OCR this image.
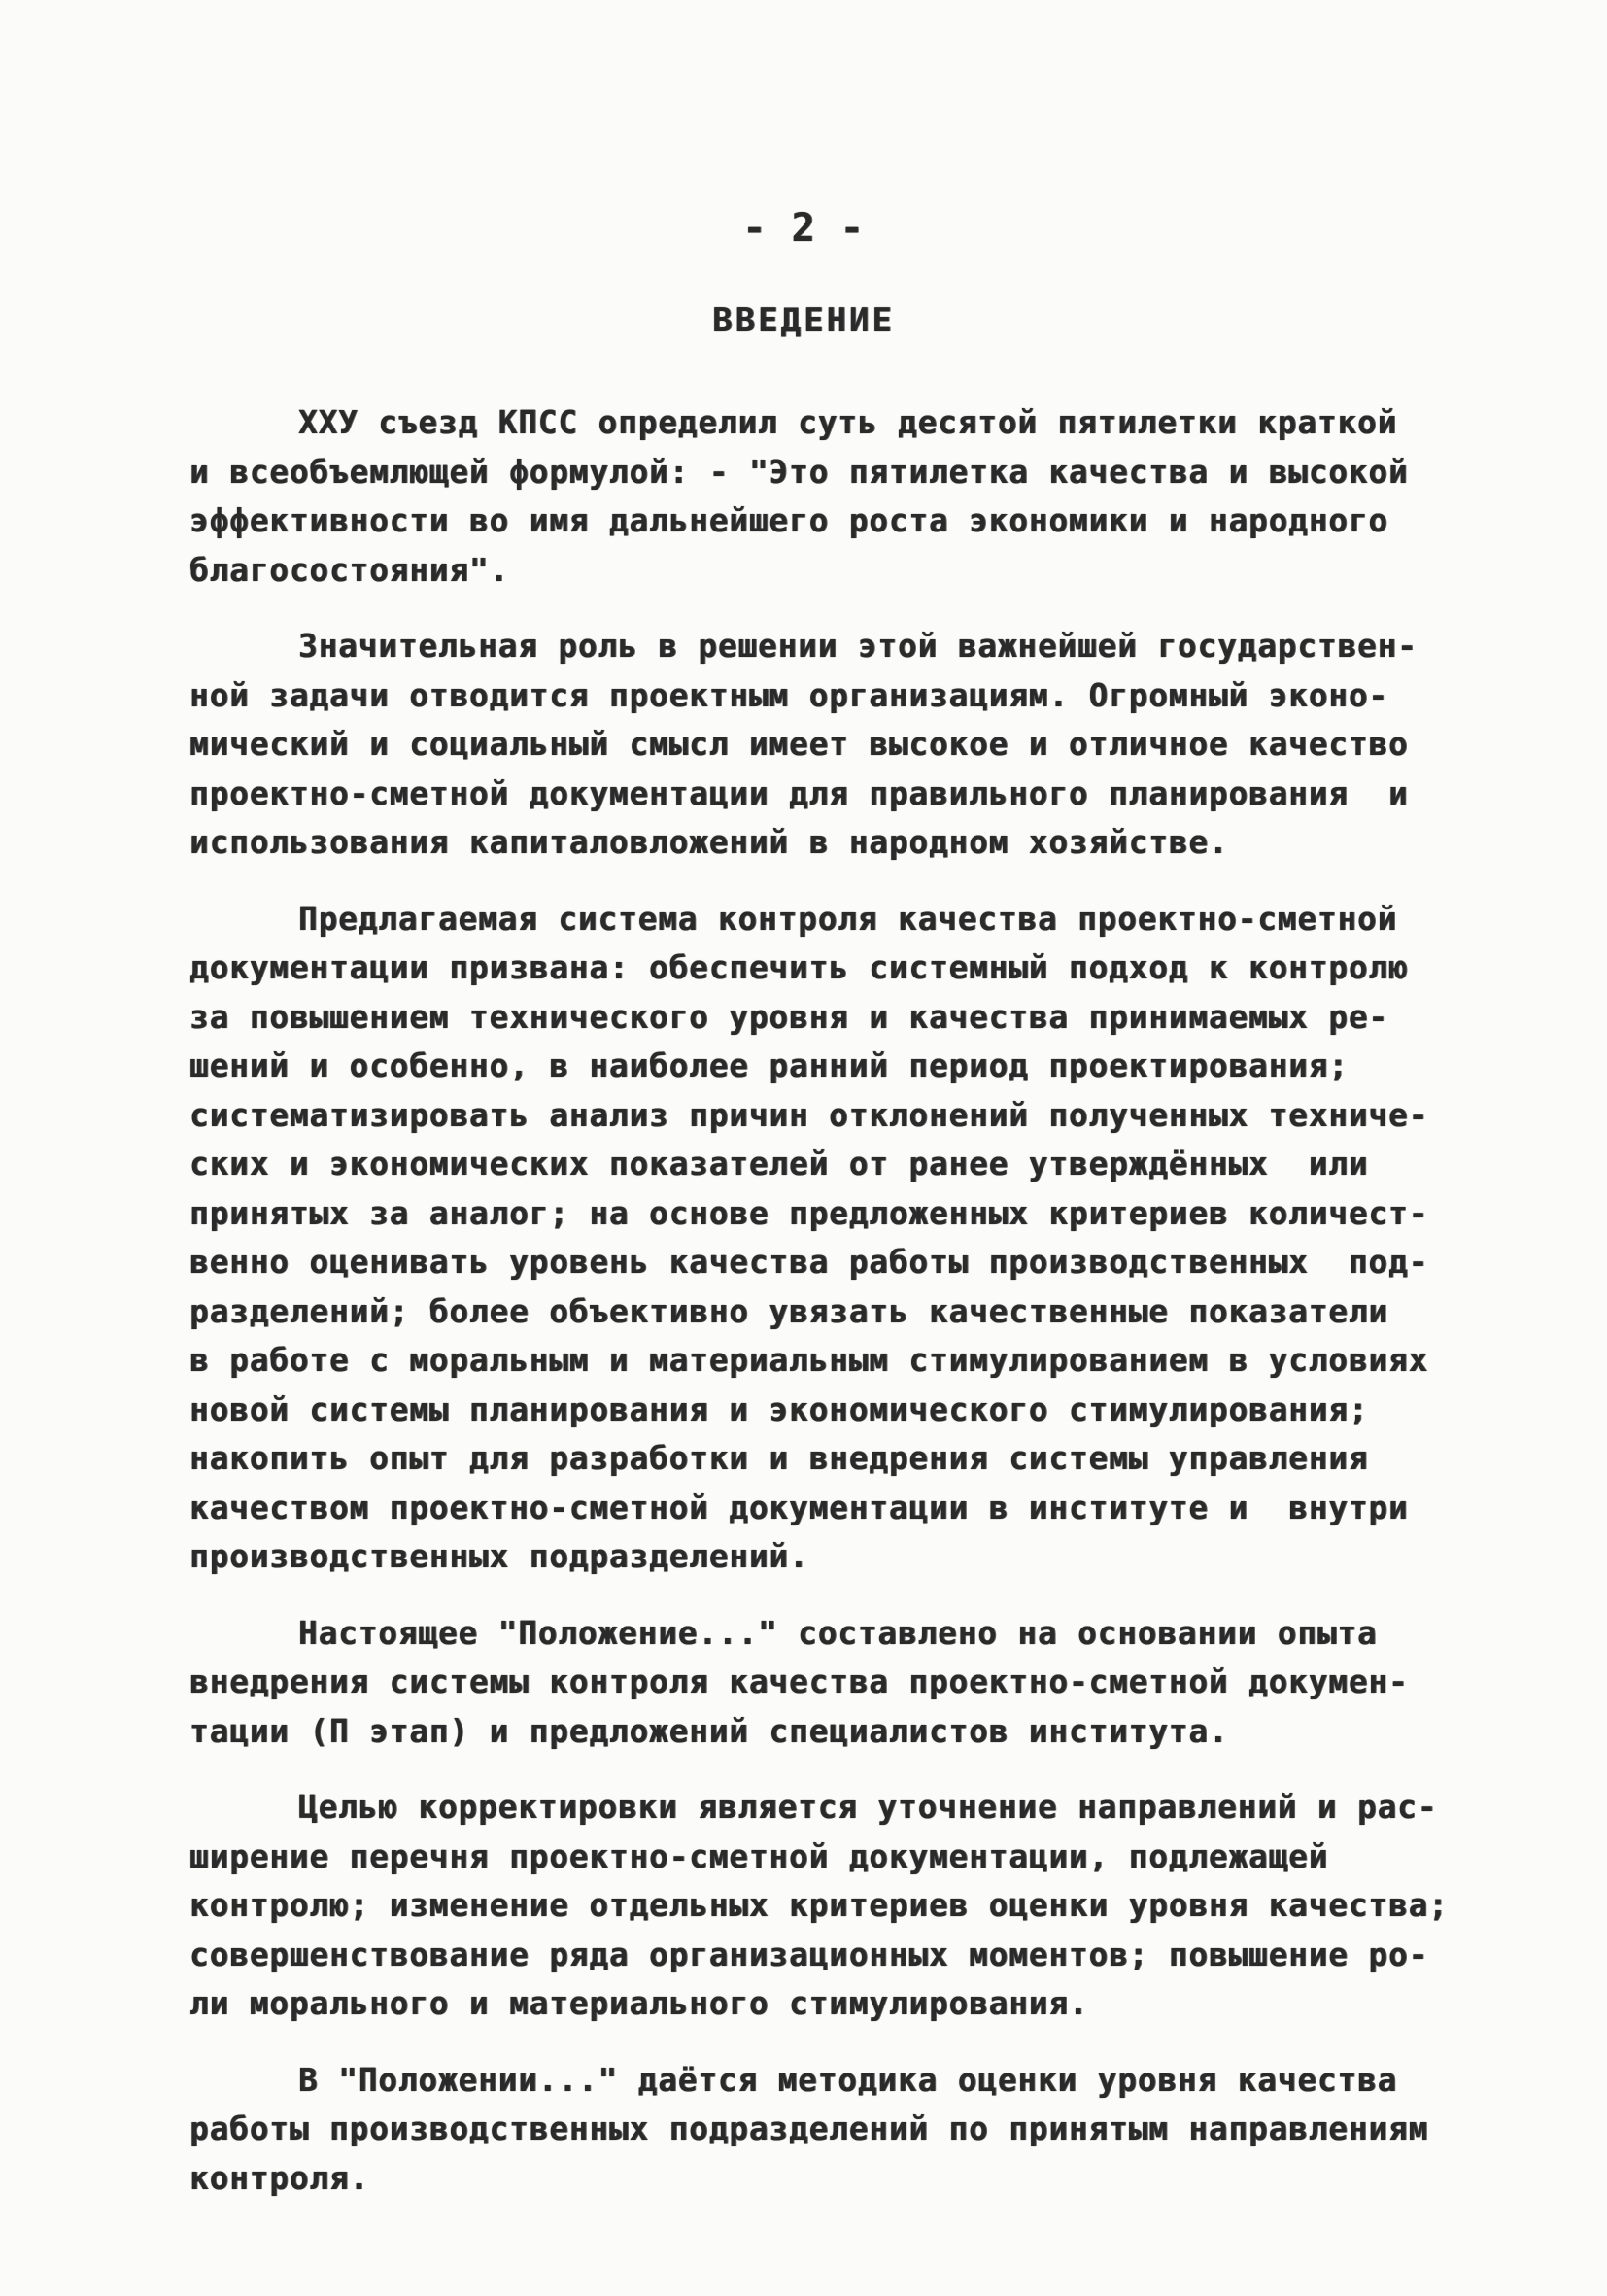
- 2 -
ВВЕДЕНИЕ
ХХУ съезд КПСС определил суть десятой пятилетки краткой
и всеобъемлющей формулой: - "Это пятилетка качества и высокой
эффективности во имя дальнейшего роста экономики и народного
благосостояния".
Значительная роль в решении этой важнейшей государствен-
ной задачи отводится проектным организациям. Огромный эконо-
мический и социальный смысл имеет высокое и отличное качество
проектно-сметной документации для правильного планирования  и
использования капиталовложений в народном хозяйстве.
Предлагаемая система контроля качества проектно-сметной
документации призвана: обеспечить системный подход к контролю
за повышением технического уровня и качества принимаемых ре-
шений и особенно, в наиболее ранний период проектирования;
систематизировать анализ причин отклонений полученных техниче-
ских и экономических показателей от ранее утверждённых  или
принятых за аналог; на основе предложенных критериев количест-
венно оценивать уровень качества работы производственных  под-
разделений; более объективно увязать качественные показатели
в работе с моральным и материальным стимулированием в условиях
новой системы планирования и экономического стимулирования;
накопить опыт для разработки и внедрения системы управления
качеством проектно-сметной документации в институте и  внутри
производственных подразделений.
Настоящее "Положение..." составлено на основании опыта
внедрения системы контроля качества проектно-сметной докумен-
тации (П этап) и предложений специалистов института.
Целью корректировки является уточнение направлений и рас-
ширение перечня проектно-сметной документации, подлежащей
контролю; изменение отдельных критериев оценки уровня качества;
совершенствование ряда организационных моментов; повышение ро-
ли морального и материального стимулирования.
В "Положении..." даётся методика оценки уровня качества
работы производственных подразделений по принятым направлениям
контроля.
